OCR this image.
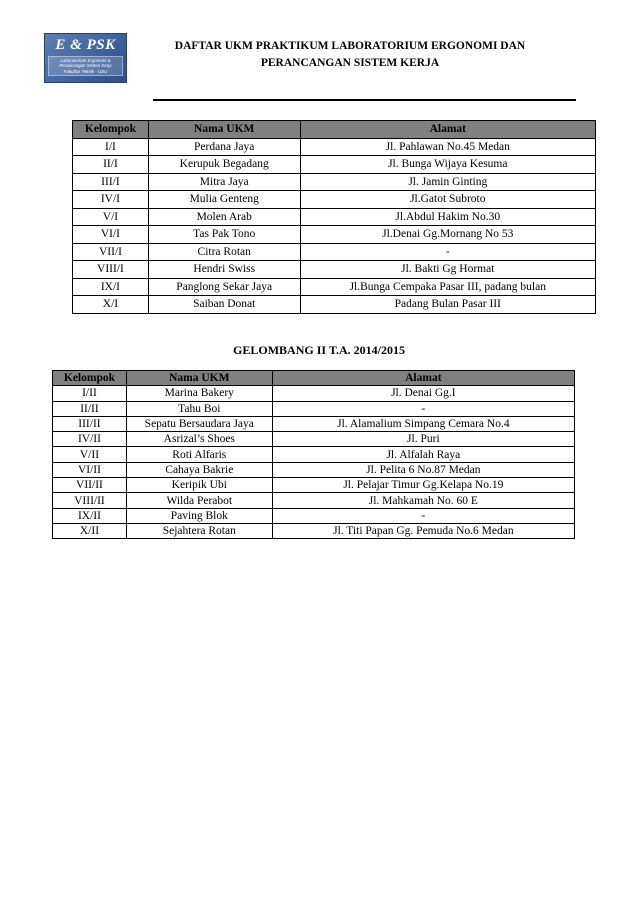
E & PSK
Laboratorium Ergonomi &
Perancangan Sistem Kerja
Fakultas Teknik - USU
DAFTAR UKM PRAKTIKUM LABORATORIUM ERGONOMI DAN
PERANCANGAN SISTEM KERJA
Kelompok	Nama UKM	Alamat
I/I	Perdana Jaya	Jl. Pahlawan No.45 Medan
II/I	Kerupuk Begadang	Jl. Bunga Wijaya Kesuma
III/I	Mitra Jaya	Jl. Jamin Ginting
IV/I	Mulia Genteng	Jl.Gatot Subroto
V/I	Molen Arab	Jl.Abdul Hakim No.30
VI/I	Tas Pak Tono	Jl.Denai Gg.Mornang No 53
VII/I	Citra Rotan	-
VIII/I	Hendri Swiss	Jl. Bakti Gg Hormat
IX/I	Panglong Sekar Jaya	Jl.Bunga Cempaka Pasar III, padang bulan
X/I	Saiban Donat	Padang Bulan Pasar III
GELOMBANG II T.A. 2014/2015
Kelompok	Nama UKM	Alamat
I/II	Marina Bakery	Jl. Denai Gg.I
II/II	Tahu Boi	-
III/II	Sepatu Bersaudara Jaya	Jl. Alamalium Simpang Cemara No.4
IV/II	Asrizal’s Shoes	Jl. Puri
V/II	Roti Alfaris	Jl. Alfalah Raya
VI/II	Cahaya Bakrie	Jl. Pelita 6 No.87 Medan
VII/II	Keripik Ubi	Jl. Pelajar Timur Gg.Kelapa No.19
VIII/II	Wilda Perabot	Jl. Mahkamah No. 60 E
IX/II	Paving Blok	-
X/II	Sejahtera Rotan	Jl. Titi Papan Gg. Pemuda No.6 Medan
